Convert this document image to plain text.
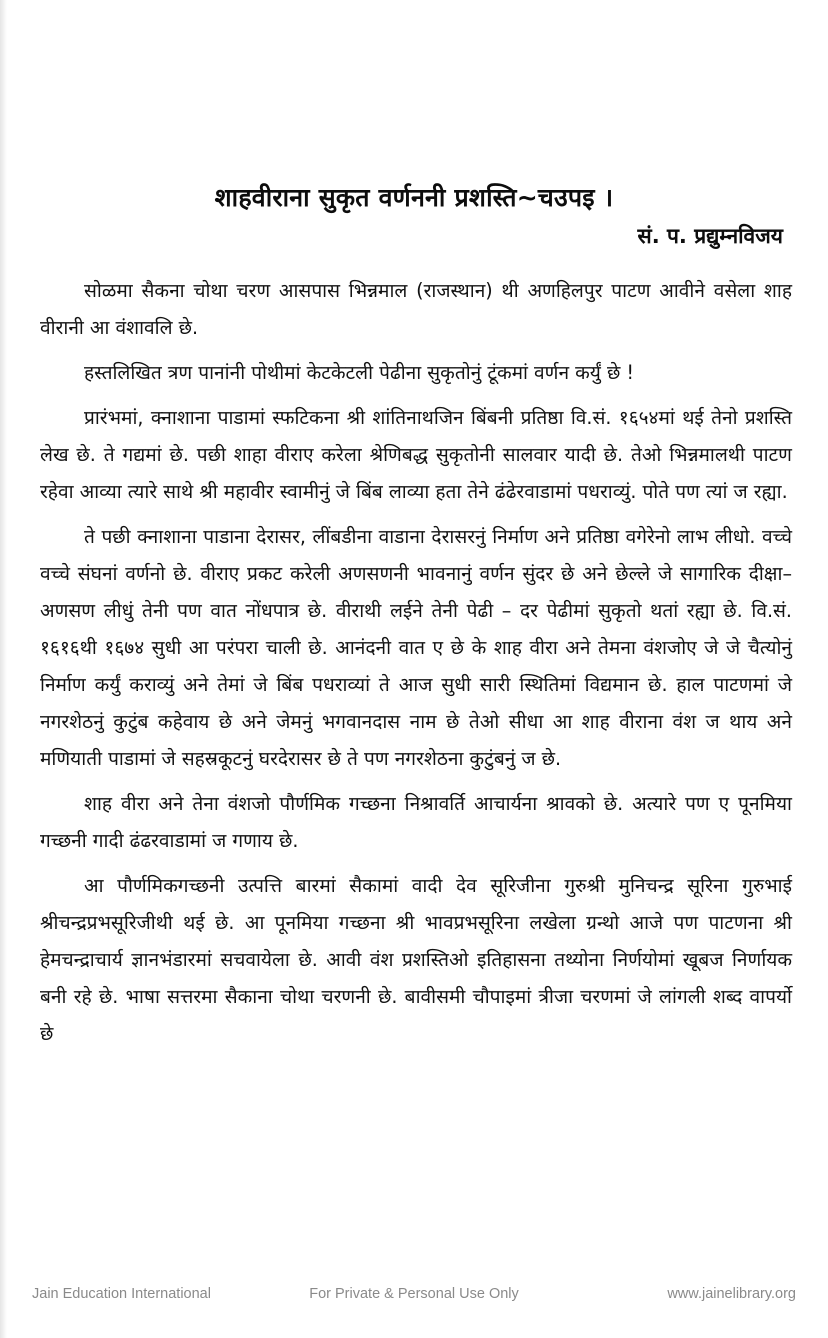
शाहवीराना सुकृत वर्णननी प्रशस्ति~चउपइ ।
सं. प. प्रद्युम्नविजय

सोळमा सैकना चोथा चरण आसपास भिन्नमाल (राजस्थान) थी अणहिलपुर पाटण आवीने वसेला शाह वीरानी आ वंशावलि छे.

हस्तलिखित त्रण पानांनी पोथीमां केटकेटली पेढीना सुकृतोनुं टूंकमां वर्णन कर्युं छे !

प्रारंभमां, क्नाशाना पाडामां स्फटिकना श्री शांतिनाथजिन बिंबनी प्रतिष्ठा वि.सं. १६५४मां थई तेनो प्रशस्ति लेख छे. ते गद्यमां छे. पछी शाहा वीराए करेला श्रेणिबद्ध सुकृतोनी सालवार यादी छे. तेओ भिन्नमालथी पाटण रहेवा आव्या त्यारे साथे श्री महावीर स्वामीनुं जे बिंब लाव्या हता तेने ढंढेरवाडामां पधराव्युं. पोते पण त्यां ज रह्या.

ते पछी क्नाशाना पाडाना देरासर, लींबडीना वाडाना देरासरनुं निर्माण अने प्रतिष्ठा वगेरेनो लाभ लीधो. वच्चे वच्चे संघनां वर्णनो छे. वीराए प्रकट करेली अणसणनी भावनानुं वर्णन सुंदर छे अने छेल्ले जे सागारिक दीक्षा–अणसण लीधुं तेनी पण वात नोंधपात्र छे. वीराथी लईने तेनी पेढी – दर पेढीमां सुकृतो थतां रह्या छे. वि.सं. १६१६थी १६७४ सुधी आ परंपरा चाली छे. आनंदनी वात ए छे के शाह वीरा अने तेमना वंशजोए जे जे चैत्योनुं निर्माण कर्युं कराव्युं अने तेमां जे बिंब पधराव्यां ते आज सुधी सारी स्थितिमां विद्यमान छे. हाल पाटणमां जे नगरशेठनुं कुटुंब कहेवाय छे अने जेमनुं भगवानदास नाम छे तेओ सीधा आ शाह वीराना वंश ज थाय अने मणियाती पाडामां जे सहस्रकूटनुं घरदेरासर छे ते पण नगरशेठना कुटुंबनुं ज छे.

शाह वीरा अने तेना वंशजो पौर्णमिक गच्छना निश्रावर्ति आचार्यना श्रावको छे. अत्यारे पण ए पूनमिया गच्छनी गादी ढंढरवाडामां ज गणाय छे.

आ पौर्णमिकगच्छनी उत्पत्ति बारमां सैकामां वादी देव सूरिजीना गुरुश्री मुनिचन्द्र सूरिना गुरुभाई श्रीचन्द्रप्रभसूरिजीथी थई छे. आ पूनमिया गच्छना श्री भावप्रभसूरिना लखेला ग्रन्थो आजे पण पाटणना श्री हेमचन्द्राचार्य ज्ञानभंडारमां सचवायेला छे. आवी वंश प्रशस्तिओ इतिहासना तथ्योना निर्णयोमां खूबज निर्णायक बनी रहे छे. भाषा सत्तरमा सैकाना चोथा चरणनी छे. बावीसमी चौपाइमां त्रीजा चरणमां जे लांगली शब्द वापर्यो छे

Jain Education International	For Private & Personal Use Only	www.jainelibrary.org
